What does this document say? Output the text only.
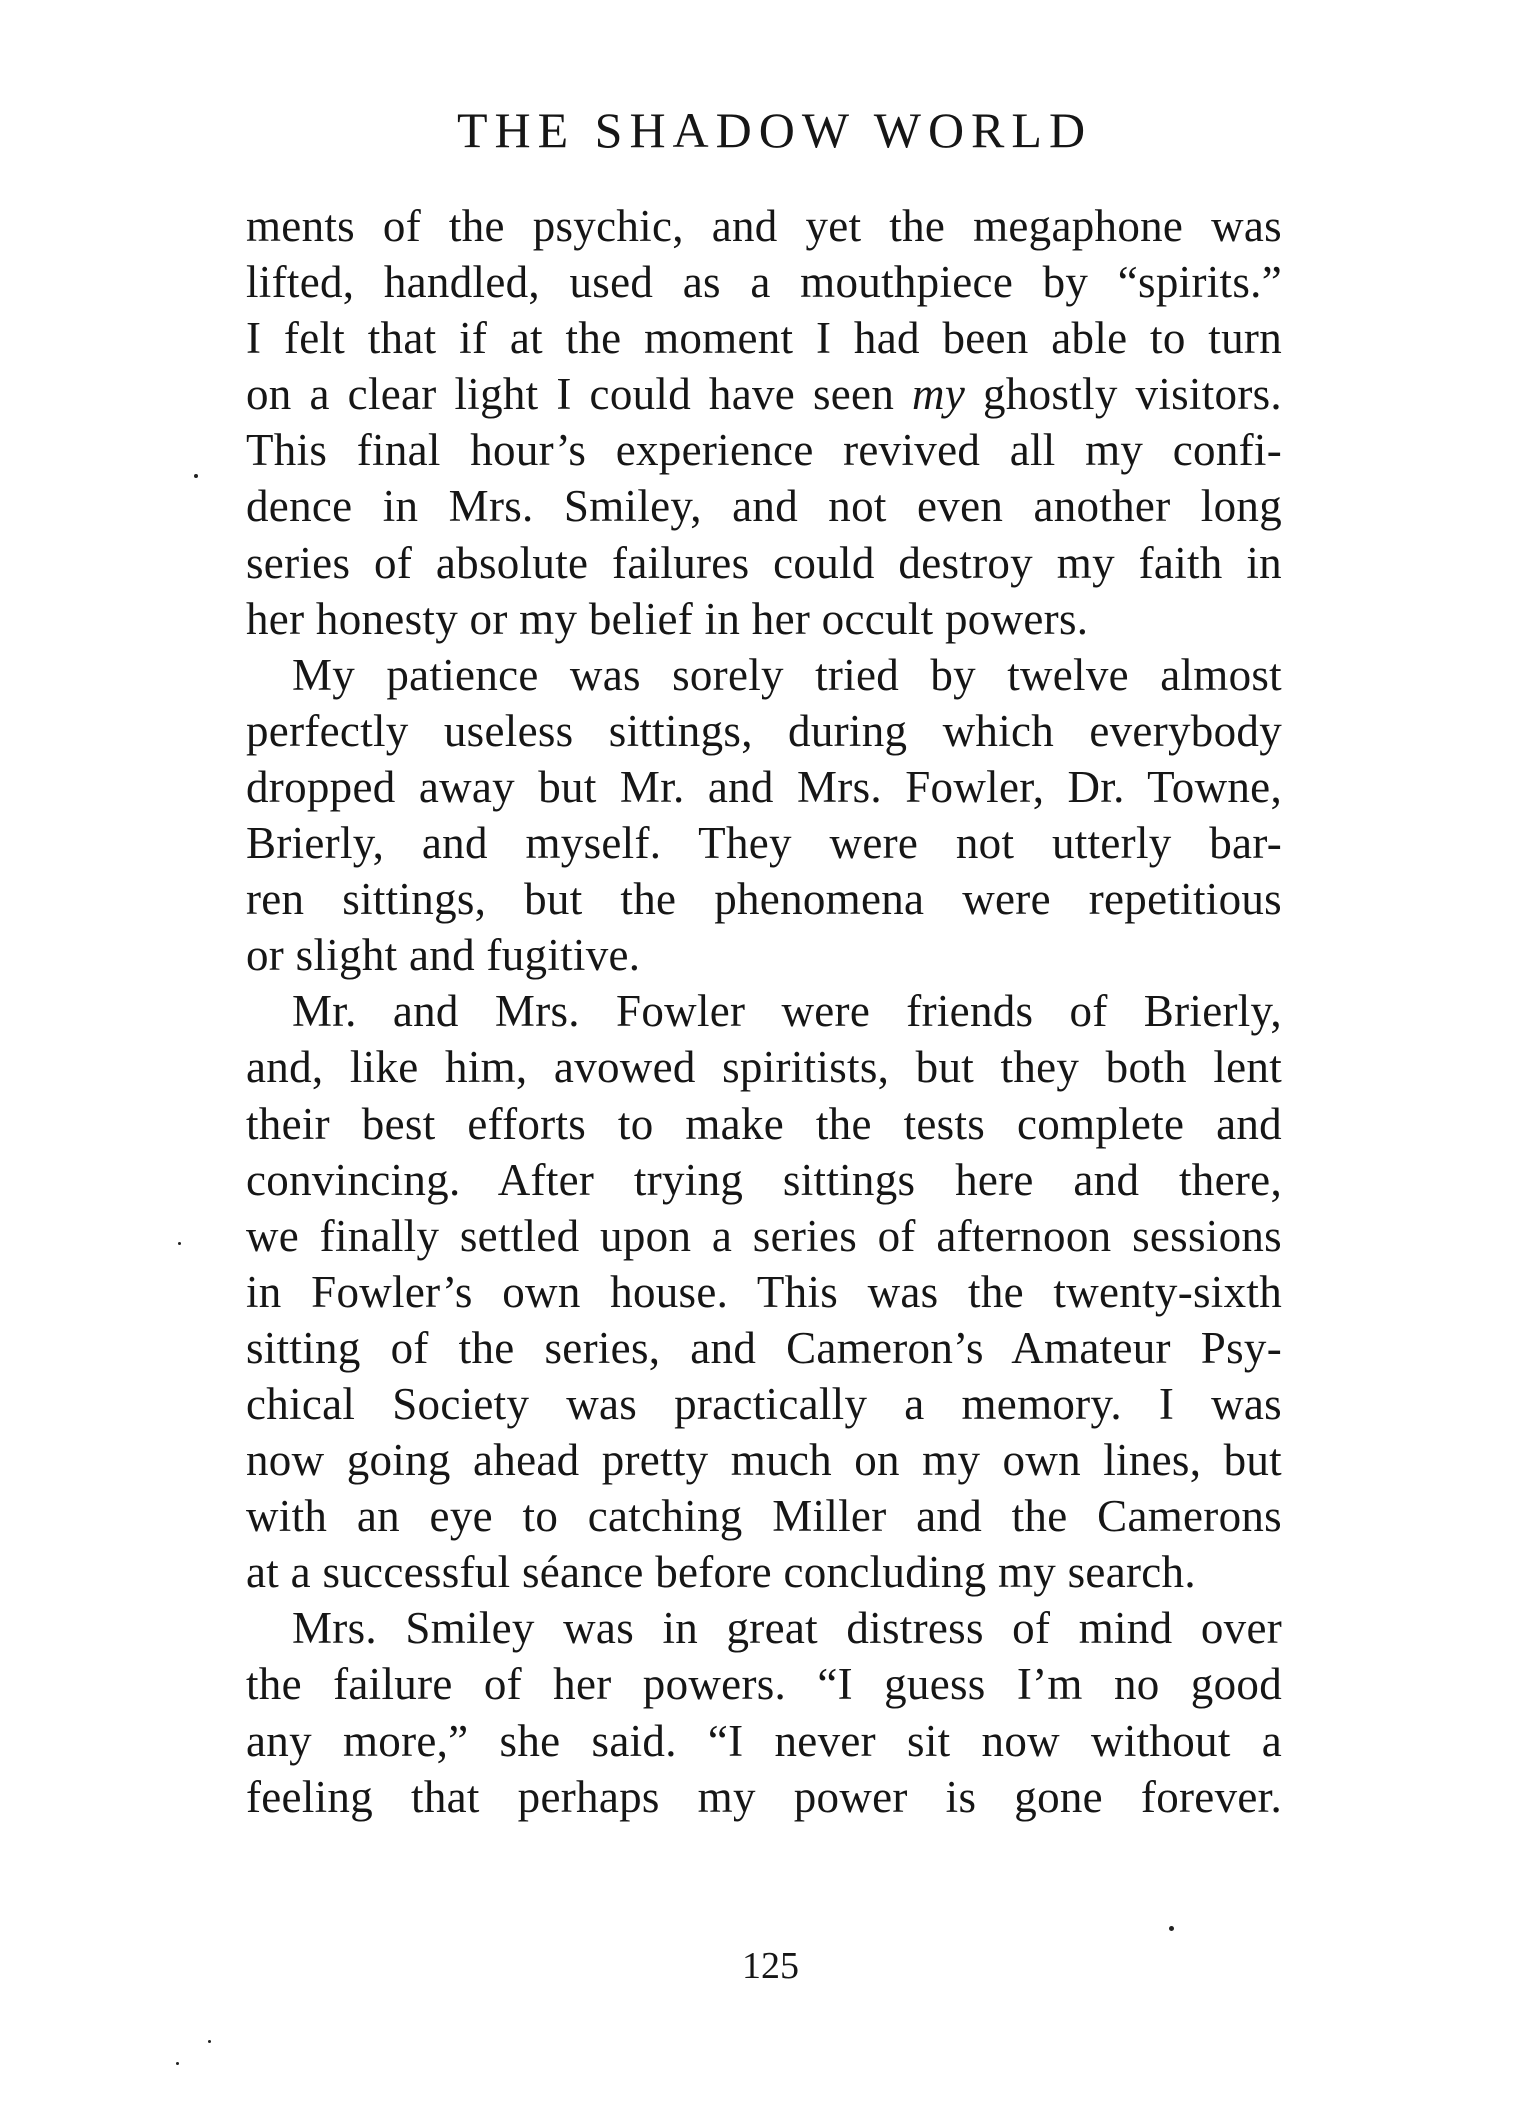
THE SHADOW WORLD
ments of the psychic, and yet the megaphone was
lifted, handled, used as a mouthpiece by “spirits.”
I felt that if at the moment I had been able to turn
on a clear light I could have seen my ghostly visitors.
This final hour’s experience revived all my confi-
dence in Mrs. Smiley, and not even another long
series of absolute failures could destroy my faith in
her honesty or my belief in her occult powers.
My patience was sorely tried by twelve almost
perfectly useless sittings, during which everybody
dropped away but Mr. and Mrs. Fowler, Dr. Towne,
Brierly, and myself. They were not utterly bar-
ren sittings, but the phenomena were repetitious
or slight and fugitive.
Mr. and Mrs. Fowler were friends of Brierly,
and, like him, avowed spiritists, but they both lent
their best efforts to make the tests complete and
convincing. After trying sittings here and there,
we finally settled upon a series of afternoon sessions
in Fowler’s own house. This was the twenty-sixth
sitting of the series, and Cameron’s Amateur Psy-
chical Society was practically a memory. I was
now going ahead pretty much on my own lines, but
with an eye to catching Miller and the Camerons
at a successful séance before concluding my search.
Mrs. Smiley was in great distress of mind over
the failure of her powers. “I guess I’m no good
any more,” she said. “I never sit now without a
feeling that perhaps my power is gone forever.
125
